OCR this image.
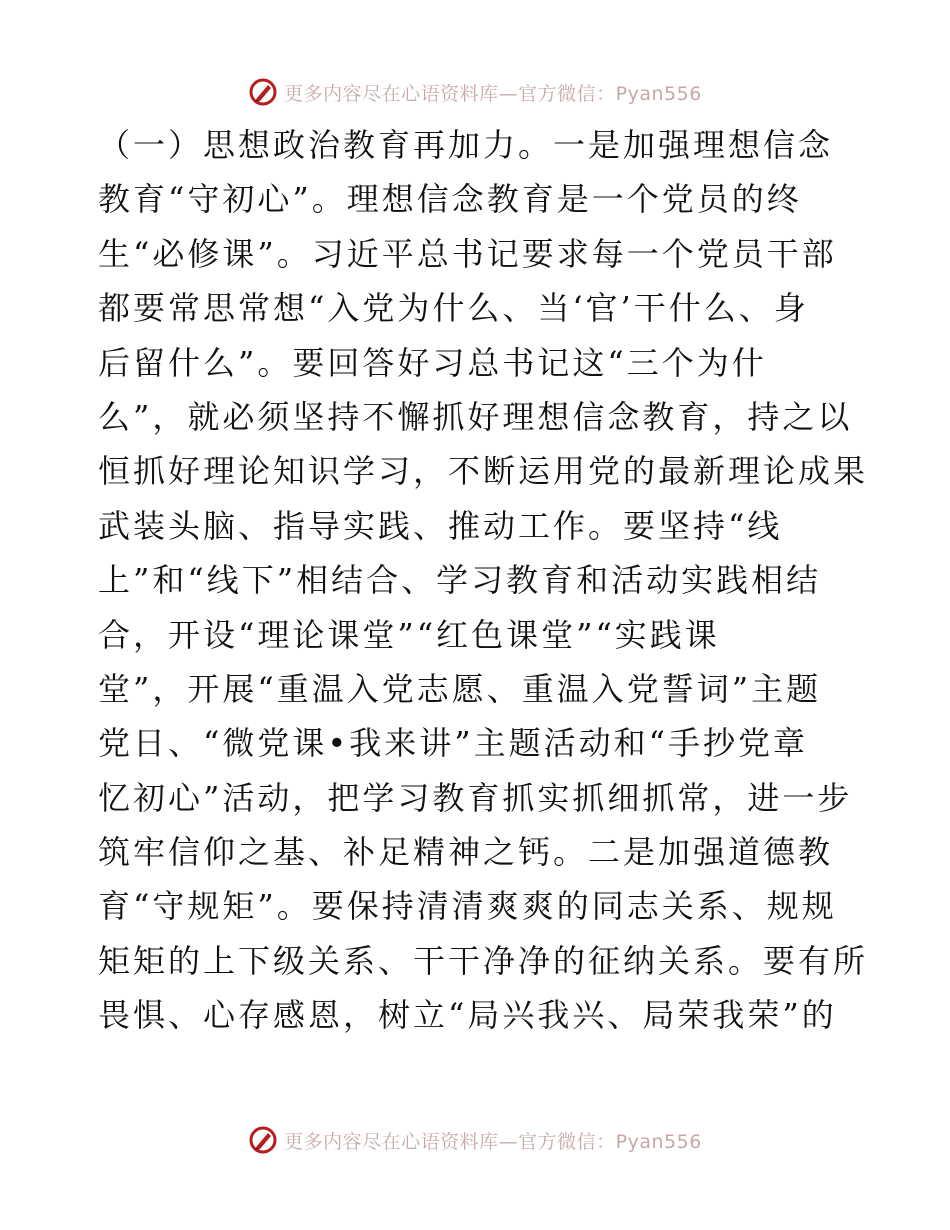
更多内容尽在心语资料库—官方微信：Pyan556

（一）思想政治教育再加力。一是加强理想信念

教育“守初心”。理想信念教育是一个党员的终

生“必修课”。习近平总书记要求每一个党员干部

都要常思常想“入党为什么、当‘官’干什么、身

后留什么”。要回答好习总书记这“三个为什

么”，就必须坚持不懈抓好理想信念教育，持之以

恒抓好理论知识学习，不断运用党的最新理论成果

武装头脑、指导实践、推动工作。要坚持“线

上”和“线下”相结合、学习教育和活动实践相结

合，开设“理论课堂”“红色课堂”“实践课

堂”，开展“重温入党志愿、重温入党誓词”主题

党日、“微党课•我来讲”主题活动和“手抄党章

忆初心”活动，把学习教育抓实抓细抓常，进一步

筑牢信仰之基、补足精神之钙。二是加强道德教

育“守规矩”。要保持清清爽爽的同志关系、规规

矩矩的上下级关系、干干净净的征纳关系。要有所

畏惧、心存感恩，树立“局兴我兴、局荣我荣”的

更多内容尽在心语资料库—官方微信：Pyan556
